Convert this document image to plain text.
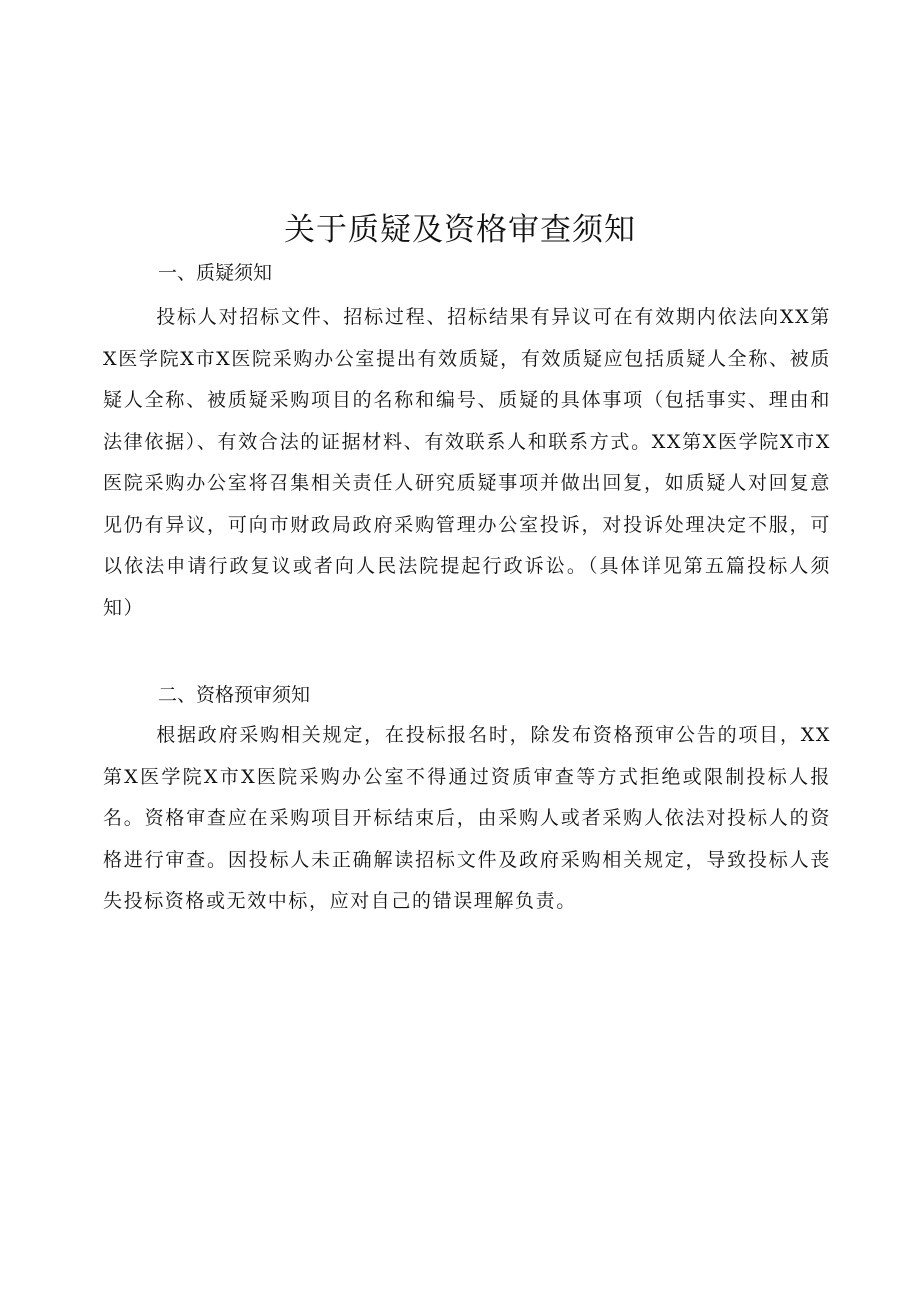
关于质疑及资格审查须知

一、质疑须知

投标人对招标文件、招标过程、招标结果有异议可在有效期内依法向XX第X医学院X市X医院采购办公室提出有效质疑，有效质疑应包括质疑人全称、被质疑人全称、被质疑采购项目的名称和编号、质疑的具体事项（包括事实、理由和法律依据）、有效合法的证据材料、有效联系人和联系方式。XX第X医学院X市X医院采购办公室将召集相关责任人研究质疑事项并做出回复，如质疑人对回复意见仍有异议，可向市财政局政府采购管理办公室投诉，对投诉处理决定不服，可以依法申请行政复议或者向人民法院提起行政诉讼。（具体详见第五篇投标人须知）

二、资格预审须知

根据政府采购相关规定，在投标报名时，除发布资格预审公告的项目，XX第X医学院X市X医院采购办公室不得通过资质审查等方式拒绝或限制投标人报名。资格审查应在采购项目开标结束后，由采购人或者采购人依法对投标人的资格进行审查。因投标人未正确解读招标文件及政府采购相关规定，导致投标人丧失投标资格或无效中标，应对自己的错误理解负责。
